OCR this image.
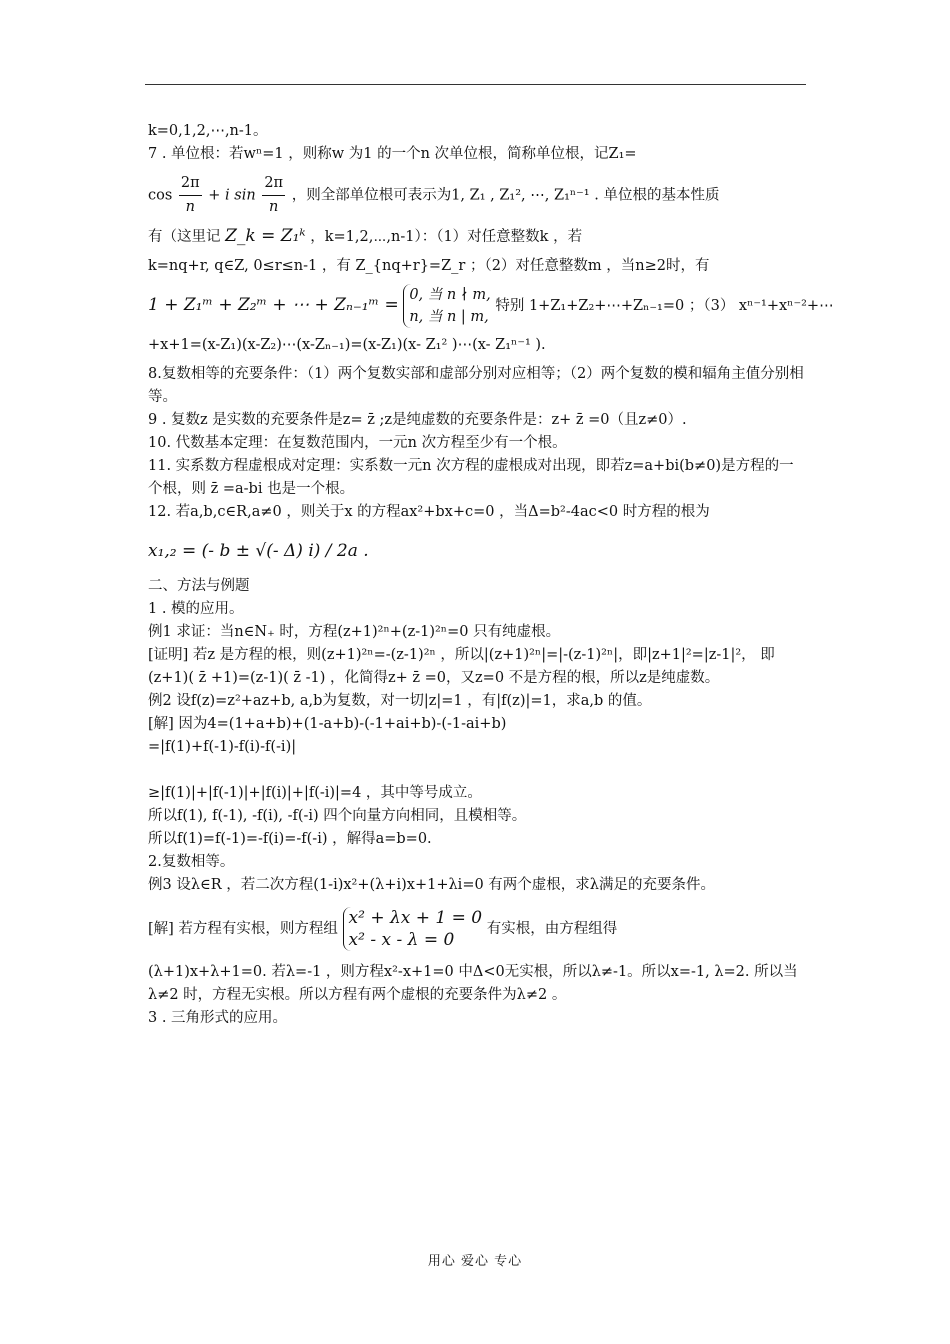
k=0,1,2,⋯,n-1。
7 . 单位根：若wⁿ=1 ，则称w 为1 的一个n 次单位根，简称单位根，记Z₁=
$\cos \frac{2\pi}{n} + i$ $\sin \frac{2\pi}{n}$ ，则全部单位根可表示为1, Z₁ , Z₁², ⋯, Z₁ⁿ⁻¹ . 单位根的基本性质
有（这里记 Z_k = Z₁ᵏ ，k=1,2,⋯,n-1）：（1）对任意整数k ，若
k=nq+r, q∈Z, 0≤r≤n-1 ，有 Z_{nq+r}=Z_r ；（2）对任意整数m ，当n≥2时，有
1 + Z₁ᵐ + Z₂ᵐ + ⋯ + Zₙ₋₁ᵐ = 0, 当 n ∤ m,
n, 当 n | m, 特别 1+Z₁+Z₂+⋯+Zₙ₋₁=0 ；（3） xⁿ⁻¹+xⁿ⁻²+⋯
+x+1=(x-Z₁)(x-Z₂)⋯(x-Zₙ₋₁)=(x-Z₁)(x- Z₁² )⋯(x- Z₁ⁿ⁻¹ ).
8.复数相等的充要条件：（1）两个复数实部和虚部分别对应相等；（2）两个复数的模和辐角主值分别相等。
9 . 复数z 是实数的充要条件是z= z̄ ;z是纯虚数的充要条件是：z+ z̄ =0（且z≠0）.
10. 代数基本定理：在复数范围内，一元n 次方程至少有一个根。
11. 实系数方程虚根成对定理：实系数一元n 次方程的虚根成对出现，即若z=a+bi(b≠0)是方程的一个根，则 z̄ =a-bi 也是一个根。
12. 若a,b,c∈R,a≠0 ，则关于x 的方程ax²+bx+c=0 ，当Δ=b²-4ac<0 时方程的根为
x₁,₂ = (- b ± √(- Δ) i) / 2a .
二、方法与例题
1 . 模的应用。
例1 求证：当n∈N₊ 时，方程(z+1)²ⁿ+(z-1)²ⁿ=0 只有纯虚根。
[证明] 若z 是方程的根，则(z+1)²ⁿ=-(z-1)²ⁿ ，所以|(z+1)²ⁿ|=|-(z-1)²ⁿ|，即|z+1|²=|z-1|²， 即(z+1)( z̄ +1)=(z-1)( z̄ -1) ，化简得z+ z̄ =0，又z=0 不是方程的根，所以z是纯虚数。
例2 设f(z)=z²+az+b, a,b为复数，对一切|z|=1 ，有|f(z)|=1，求a,b 的值。
[解] 因为4=(1+a+b)+(1-a+b)-(-1+ai+b)-(-1-ai+b)
=|f(1)+f(-1)-f(i)-f(-i)|
≥|f(1)|+|f(-1)|+|f(i)|+|f(-i)|=4 ，其中等号成立。
所以f(1), f(-1), -f(i), -f(-i) 四个向量方向相同，且模相等。
所以f(1)=f(-1)=-f(i)=-f(-i) ，解得a=b=0.
2.复数相等。
例3 设λ∈R ，若二次方程(1-i)x²+(λ+i)x+1+λi=0 有两个虚根，求λ满足的充要条件。
[解] 若方程有实根，则方程组 x² + λx + 1 = 0
x² - x - λ = 0 有实根，由方程组得
(λ+1)x+λ+1=0. 若λ=-1 ，则方程x²-x+1=0 中Δ<0无实根，所以λ≠-1。所以x=-1, λ=2. 所以当λ≠2 时，方程无实根。所以方程有两个虚根的充要条件为λ≠2 。
3 . 三角形式的应用。
用心 爱心 专心
